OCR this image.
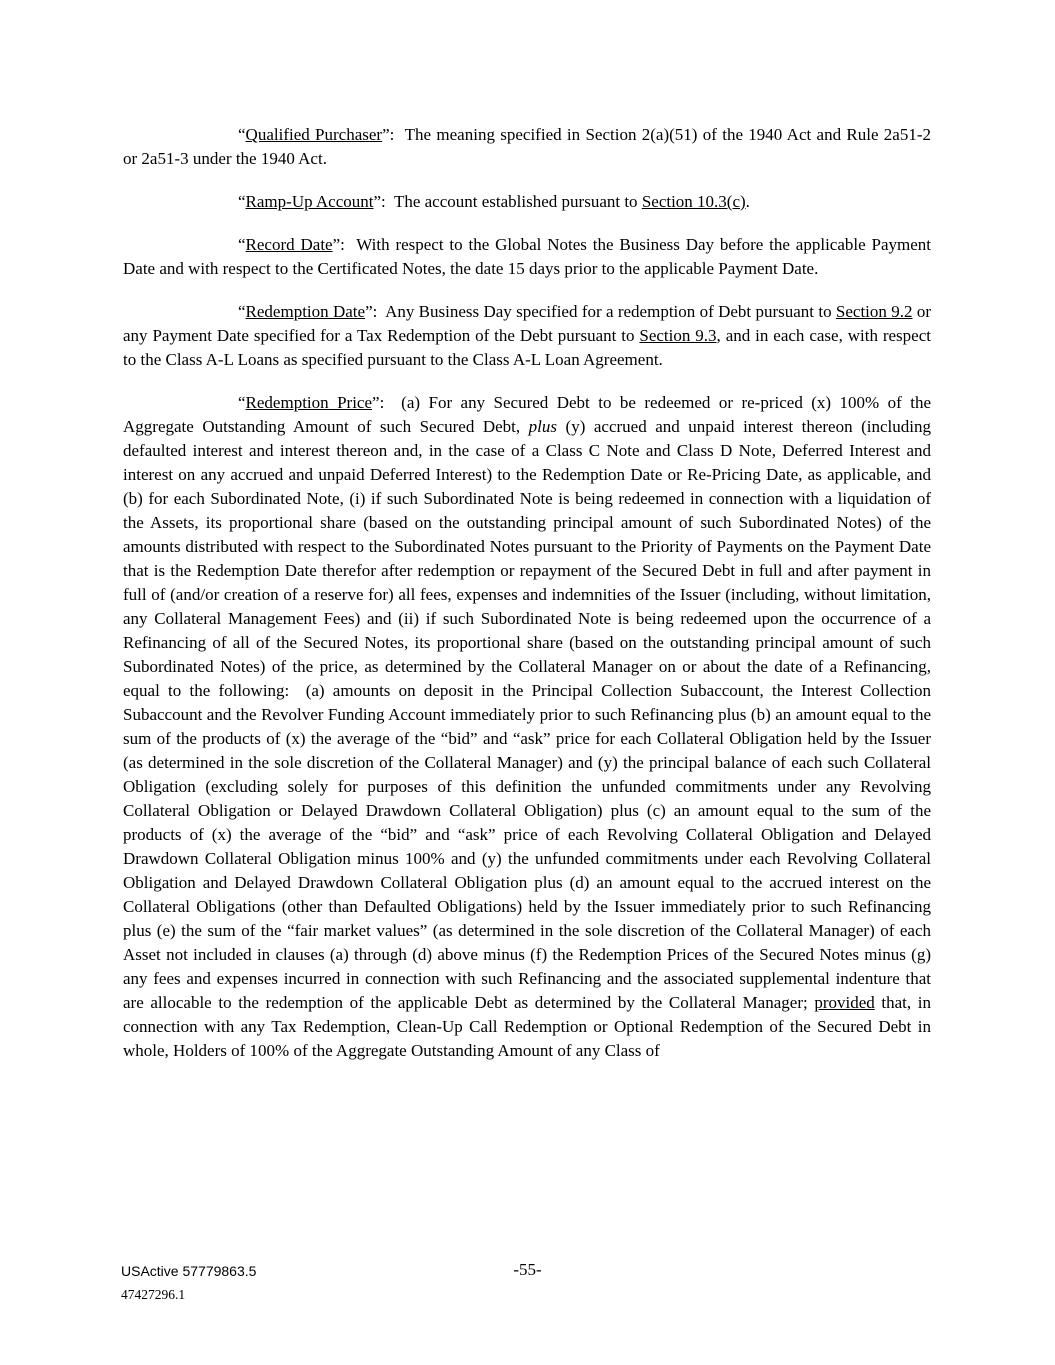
“Qualified Purchaser”:  The meaning specified in Section 2(a)(51) of the 1940 Act and Rule 2a51-2 or 2a51-3 under the 1940 Act.

“Ramp-Up Account”:  The account established pursuant to Section 10.3(c).

“Record Date”:  With respect to the Global Notes the Business Day before the applicable Payment Date and with respect to the Certificated Notes, the date 15 days prior to the applicable Payment Date.

“Redemption Date”:  Any Business Day specified for a redemption of Debt pursuant to Section 9.2 or any Payment Date specified for a Tax Redemption of the Debt pursuant to Section 9.3, and in each case, with respect to the Class A-L Loans as specified pursuant to the Class A-L Loan Agreement.

“Redemption Price”:  (a) For any Secured Debt to be redeemed or re-priced (x) 100% of the Aggregate Outstanding Amount of such Secured Debt, plus (y) accrued and unpaid interest thereon (including defaulted interest and interest thereon and, in the case of a Class C Note and Class D Note, Deferred Interest and interest on any accrued and unpaid Deferred Interest) to the Redemption Date or Re-Pricing Date, as applicable, and (b) for each Subordinated Note, (i) if such Subordinated Note is being redeemed in connection with a liquidation of the Assets, its proportional share (based on the outstanding principal amount of such Subordinated Notes) of the amounts distributed with respect to the Subordinated Notes pursuant to the Priority of Payments on the Payment Date that is the Redemption Date therefor after redemption or repayment of the Secured Debt in full and after payment in full of (and/or creation of a reserve for) all fees, expenses and indemnities of the Issuer (including, without limitation, any Collateral Management Fees) and (ii) if such Subordinated Note is being redeemed upon the occurrence of a Refinancing of all of the Secured Notes, its proportional share (based on the outstanding principal amount of such Subordinated Notes) of the price, as determined by the Collateral Manager on or about the date of a Refinancing, equal to the following:  (a) amounts on deposit in the Principal Collection Subaccount, the Interest Collection Subaccount and the Revolver Funding Account immediately prior to such Refinancing plus (b) an amount equal to the sum of the products of (x) the average of the “bid” and “ask” price for each Collateral Obligation held by the Issuer (as determined in the sole discretion of the Collateral Manager) and (y) the principal balance of each such Collateral Obligation (excluding solely for purposes of this definition the unfunded commitments under any Revolving Collateral Obligation or Delayed Drawdown Collateral Obligation) plus (c) an amount equal to the sum of the products of (x) the average of the “bid” and “ask” price of each Revolving Collateral Obligation and Delayed Drawdown Collateral Obligation minus 100% and (y) the unfunded commitments under each Revolving Collateral Obligation and Delayed Drawdown Collateral Obligation plus (d) an amount equal to the accrued interest on the Collateral Obligations (other than Defaulted Obligations) held by the Issuer immediately prior to such Refinancing plus (e) the sum of the “fair market values” (as determined in the sole discretion of the Collateral Manager) of each Asset not included in clauses (a) through (d) above minus (f) the Redemption Prices of the Secured Notes minus (g) any fees and expenses incurred in connection with such Refinancing and the associated supplemental indenture that are allocable to the redemption of the applicable Debt as determined by the Collateral Manager; provided that, in connection with any Tax Redemption, Clean-Up Call Redemption or Optional Redemption of the Secured Debt in whole, Holders of 100% of the Aggregate Outstanding Amount of any Class of

USActive 57779863.5
47427296.1
-55-
